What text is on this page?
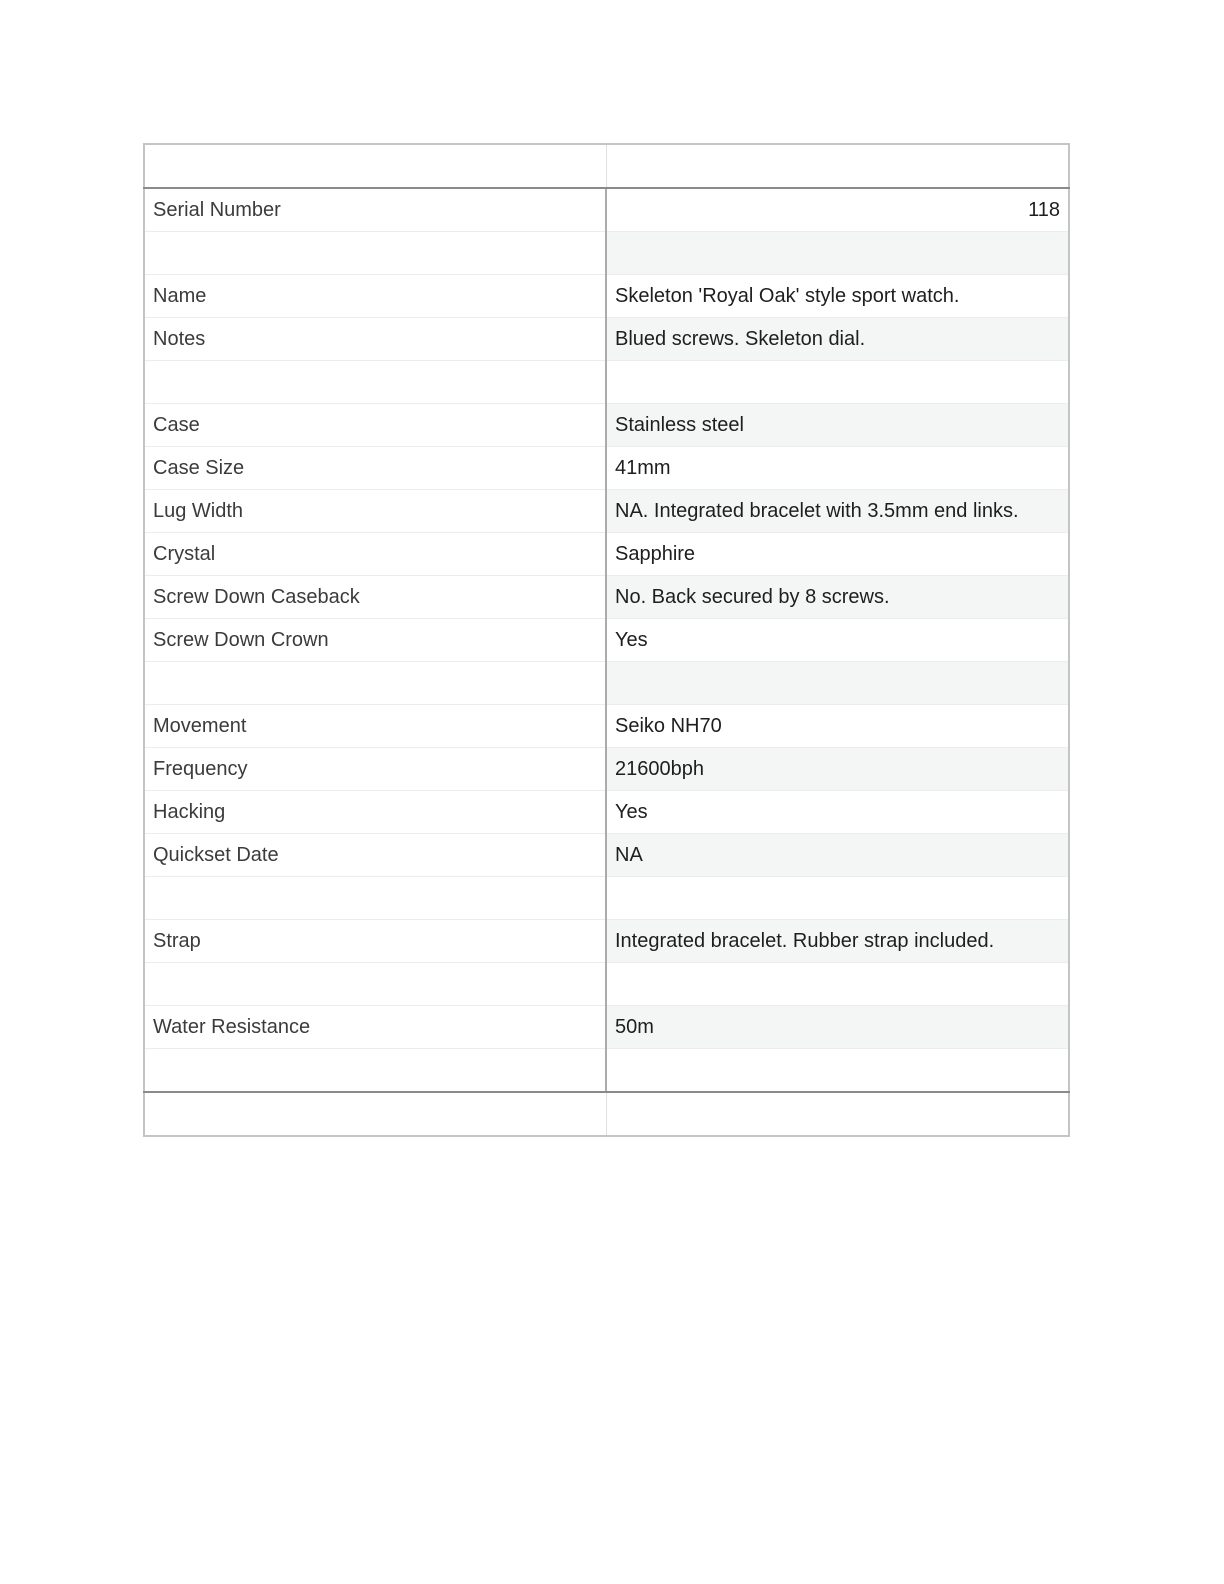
Serial Number	118

Name	Skeleton 'Royal Oak' style sport watch.
Notes	Blued screws. Skeleton dial.

Case	Stainless steel
Case Size	41mm
Lug Width	NA. Integrated bracelet with 3.5mm end links.
Crystal	Sapphire
Screw Down Caseback	No. Back secured by 8 screws.
Screw Down Crown	Yes

Movement	Seiko NH70
Frequency	21600bph
Hacking	Yes
Quickset Date	NA

Strap	Integrated bracelet. Rubber strap included.

Water Resistance	50m
